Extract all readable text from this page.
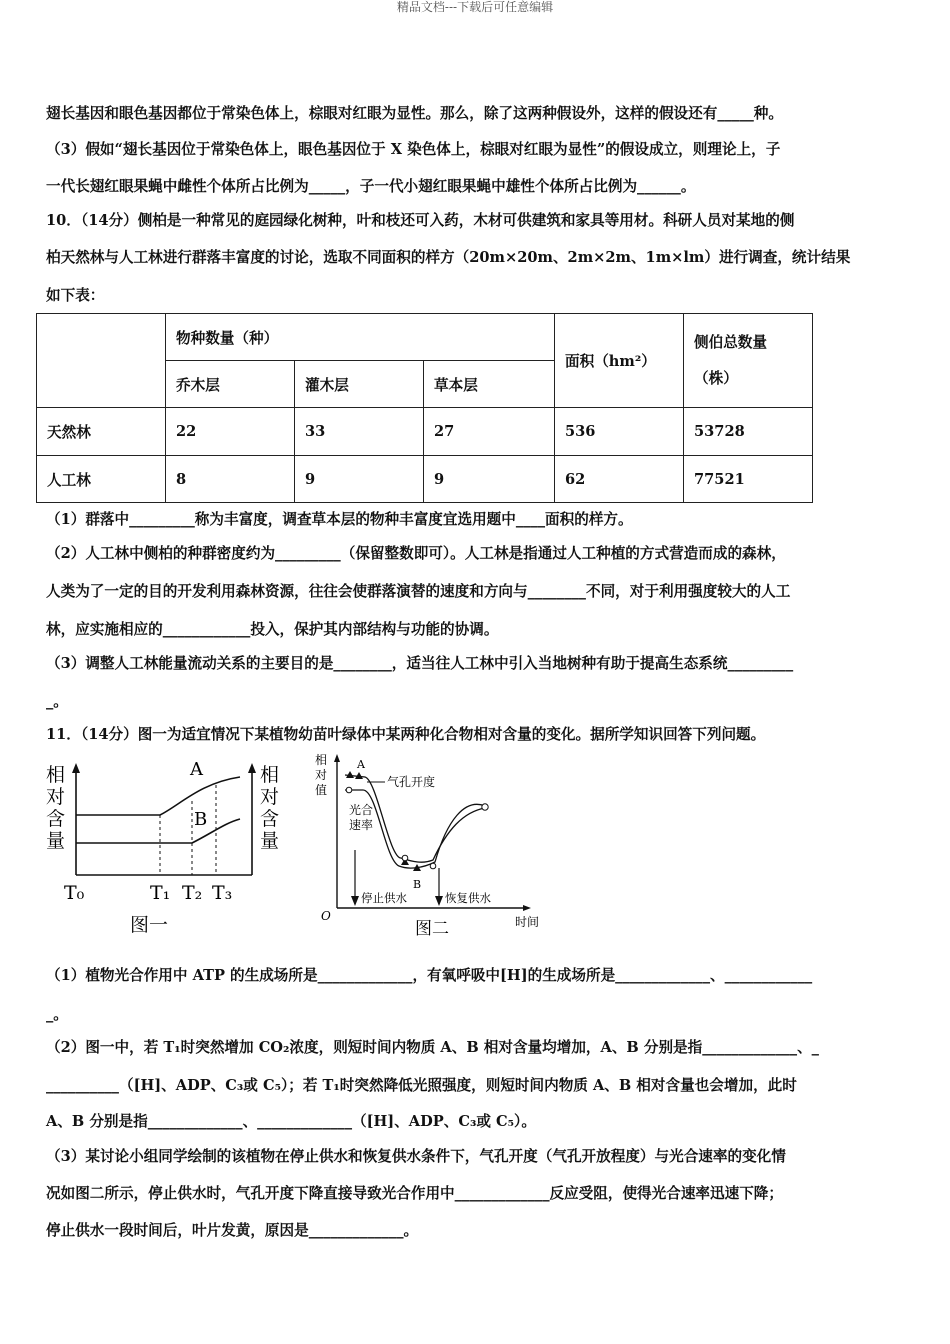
精品文档---下载后可任意编辑
翅长基因和眼色基因都位于常染色体上，棕眼对红眼为显性。那么，除了这两种假设外，这样的假设还有_____种。
（3）假如“翅长基因位于常染色体上，眼色基因位于 X 染色体上，棕眼对红眼为显性”的假设成立，则理论上，子
一代长翅红眼果蝇中雌性个体所占比例为_____，子一代小翅红眼果蝇中雄性个体所占比例为______。
10．（14分）侧柏是一种常见的庭园绿化树种，叶和枝还可入药，木材可供建筑和家具等用材。科研人员对某地的侧
柏天然林与人工林进行群落丰富度的讨论，选取不同面积的样方（20m×20m、2m×2m、1m×lm）进行调查，统计结果
如下表：
	物种数量（种）			面积（hm²）	侧伯总数量
（株）
	乔木层	灌木层	草本层		
天然林	22	33	27	536	53728
人工林	8	9	9	62	77521
（1）群落中_________称为丰富度，调查草本层的物种丰富度宜选用题中____面积的样方。
（2）人工林中侧柏的种群密度约为_________（保留整数即可）。人工林是指通过人工种植的方式营造而成的森林，
人类为了一定的目的开发利用森林资源，往往会使群落演替的速度和方向与________不同，对于利用强度较大的人工
林，应实施相应的____________投入，保护其内部结构与功能的协调。
（3）调整人工林能量流动关系的主要目的是________，适当往人工林中引入当地树种有助于提高生态系统_________
_。
11．（14分）图一为适宜情况下某植物幼苗叶绿体中某两种化合物相对含量的变化。据所学知识回答下列问题。
相
对
含
量
相
对
含
量
A
B
T₀	T₁ T₂ T₃
图一
相
对
值
A
B
气孔开度
光合
速率
停止供水	恢复供水
O	时间
图二
（1）植物光合作用中 ATP 的生成场所是_____________，有氧呼吸中[H]的生成场所是_____________、____________
_。
（2）图一中，若 T₁时突然增加 CO₂浓度，则短时间内物质 A、B 相对含量均增加，A、B 分别是指_____________、_
__________（[H]、ADP、C₃或 C₅）；若 T₁时突然降低光照强度，则短时间内物质 A、B 相对含量也会增加，此时
A、B 分别是指_____________、_____________（[H]、ADP、C₃或 C₅）。
（3）某讨论小组同学绘制的该植物在停止供水和恢复供水条件下，气孔开度（气孔开放程度）与光合速率的变化情
况如图二所示，停止供水时，气孔开度下降直接导致光合作用中_____________反应受阻，使得光合速率迅速下降；
停止供水一段时间后，叶片发黄，原因是_____________。
